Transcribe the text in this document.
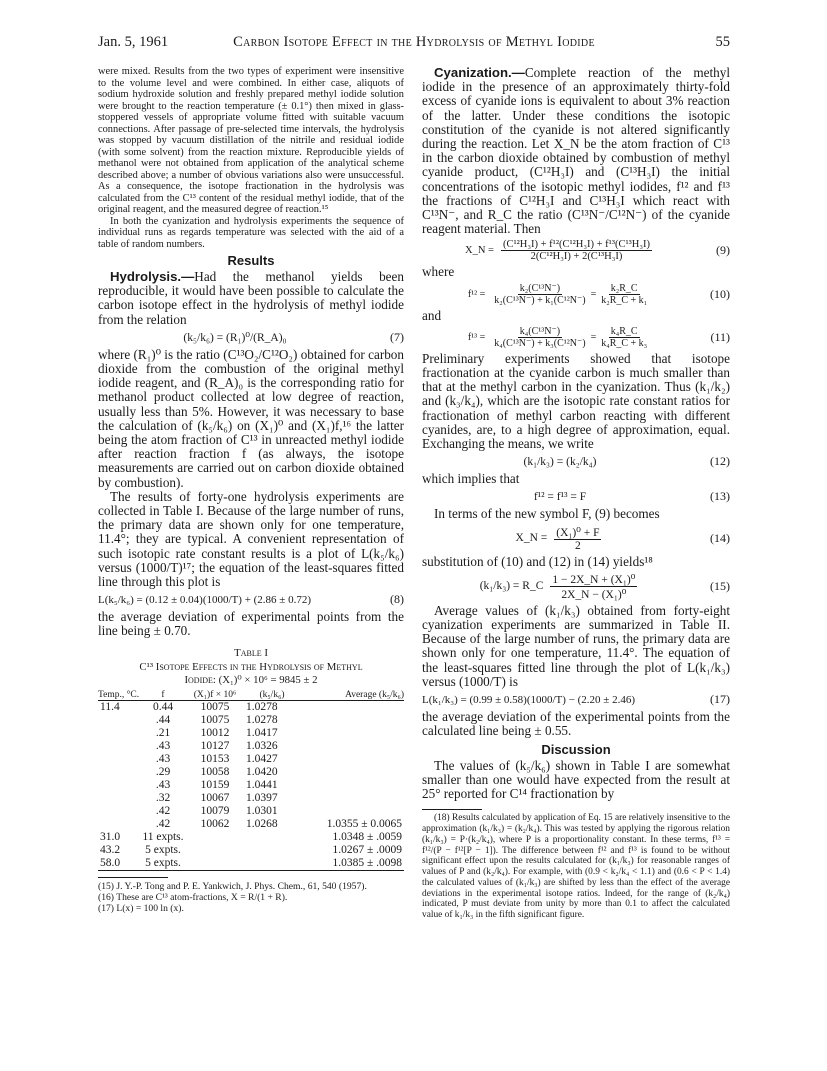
Jan. 5, 1961	Carbon Isotope Effect in the Hydrolysis of Methyl Iodide	55

were mixed. Results from the two types of experiment were insensitive to the volume level and were combined. In either case, aliquots of sodium hydroxide solution and freshly prepared methyl iodide solution were brought to the reaction temperature (± 0.1°) then mixed in glass-stoppered vessels of appropriate volume fitted with suitable vacuum connections. After passage of pre-selected time intervals, the hydrolysis was stopped by vacuum distillation of the nitrile and residual iodide (with some solvent) from the reaction mixture. Reproducible yields of methanol were not obtained from application of the analytical scheme described above; a number of obvious variations also were unsuccessful. As a consequence, the isotope fractionation in the hydrolysis was calculated from the C¹³ content of the residual methyl iodide, that of the original reagent, and the measured degree of reaction.¹⁵

In both the cyanization and hydrolysis experiments the sequence of individual runs as regards temperature was selected with the aid of a table of random numbers.

Results

Hydrolysis.—Had the methanol yields been reproducible, it would have been possible to calculate the carbon isotope effect in the hydrolysis of methyl iodide from the relation

(k₅/k₆) = (R₁)⁰/(R_A)₀	(7)

where (R₁)⁰ is the ratio (C¹³O₂/C¹²O₂) obtained for carbon dioxide from the combustion of the original methyl iodide reagent, and (R_A)₀ is the corresponding ratio for methanol product collected at low degree of reaction, usually less than 5%. However, it was necessary to base the calculation of (k₅/k₆) on (X₁)⁰ and (X₁)f,¹⁶ the latter being the atom fraction of C¹³ in unreacted methyl iodide after reaction fraction f (as always, the isotope measurements are carried out on carbon dioxide obtained by combustion).

The results of forty-one hydrolysis experiments are collected in Table I. Because of the large number of runs, the primary data are shown only for one temperature, 11.4°; they are typical. A convenient representation of such isotopic rate constant results is a plot of L(k₅/k₆) versus (1000/T)¹⁷; the equation of the least-squares fitted line through this plot is

L(k₅/k₆) = (0.12 ± 0.04)(1000/T) + (2.86 ± 0.72)	(8)

the average deviation of experimental points from the line being ± 0.70.

Table I
C¹³ Isotope Effects in the Hydrolysis of Methyl
Iodide: (X₁)⁰ × 10⁶ = 9845 ± 2
Temp., °C.	f	(X₁)f × 10⁶	(k₅/k₆)	Average (k₅/k₆)
11.4	0.44	10075	1.0278	
	.44	10075	1.0278	
	.21	10012	1.0417	
	.43	10127	1.0326	
	.43	10153	1.0427	
	.29	10058	1.0420	
	.43	10159	1.0441	
	.32	10067	1.0397	
	.42	10079	1.0301	
	.42	10062	1.0268	1.0355 ± 0.0065
31.0	11 expts.			1.0348 ± .0059
43.2	5 expts.			1.0267 ± .0009
58.0	5 expts.			1.0385 ± .0098

(15) J. Y.-P. Tong and P. E. Yankwich, J. Phys. Chem., 61, 540 (1957).

(16) These are C¹³ atom-fractions, X = R/(1 + R).

(17) L(x) = 100 ln (x).

Cyanization.—Complete reaction of the methyl iodide in the presence of an approximately thirty-fold excess of cyanide ions is equivalent to about 3% reaction of the latter. Under these conditions the isotopic constitution of the cyanide is not altered significantly during the reaction. Let X_N be the atom fraction of C¹³ in the carbon dioxide obtained by combustion of methyl cyanide product, (C¹²H₃I) and (C¹³H₃I) the initial concentrations of the isotopic methyl iodides, f¹² and f¹³ the fractions of C¹²H₃I and C¹³H₃I which react with C¹³N⁻, and R_C the ratio (C¹³N⁻/C¹²N⁻) of the cyanide reagent material. Then

X_N = $\frac{\text{(C¹²H₃I) + f¹²(C¹²H₃I) + f¹³(C¹³H₃I)}}{\text{2(C¹²H₃I) + 2(C¹³H₃I)}}$	(9)

where

$f^{12} = \frac{\text{k₂(C¹³N⁻)}}{\text{k₂(C¹³N⁻) + k₁(C¹²N⁻)}} = \frac{\text{k₂R\_C}}{\text{k₂R\_C + k₁}}$	(10)

and

$f^{13} = \frac{\text{k₄(C¹³N⁻)}}{\text{k₄(C¹³N⁻) + k₃(C¹²N⁻)}} = \frac{\text{k₄R\_C}}{\text{k₄R\_C + k₃}}$	(11)

Preliminary experiments showed that isotope fractionation at the cyanide carbon is much smaller than that at the methyl carbon in the cyanization. Thus (k₁/k₂) and (k₃/k₄), which are the isotopic rate constant ratios for fractionation of methyl carbon reacting with different cyanides, are, to a high degree of approximation, equal. Exchanging the means, we write

(k₁/k₃) = (k₂/k₄)	(12)

which implies that

f¹² = f¹³ = F	(13)

In terms of the new symbol F, (9) becomes

X_N = $\frac{\text{(X₁)⁰ + F}}{2}$	(14)

substitution of (10) and (12) in (14) yields¹⁸

(k₁/k₃) = R_C $\frac{\text{1 − 2X\_N + (X₁)⁰}}{\text{2X\_N − (X₁)⁰}}$	(15)

Average values of (k₁/k₃) obtained from forty-eight cyanization experiments are summarized in Table II. Because of the large number of runs, the primary data are shown only for one temperature, 11.4°. The equation of the least-squares fitted line through the plot of L(k₁/k₃) versus (1000/T) is

L(k₁/k₃) = (0.99 ± 0.58)(1000/T) − (2.20 ± 2.46)	(17)

the average deviation of the experimental points from the calculated line being ± 0.55.

Discussion

The values of (k₅/k₆) shown in Table I are somewhat smaller than one would have expected from the result at 25° reported for C¹⁴ fractionation by

(18) Results calculated by application of Eq. 15 are relatively insensitive to the approximation (k₁/k₃) = (k₂/k₄). This was tested by applying the rigorous relation (k₁/k₃) = P·(k₂/k₄), where P is a proportionality constant. In these terms, f¹³ = f¹²/(P − f¹²[P − 1]). The difference between f¹² and f¹³ is found to be without significant effect upon the results calculated for (k₁/k₃) for reasonable ranges of values of P and (k₂/k₄). For example, with (0.9 < k₂/k₄ < 1.1) and (0.6 < P < 1.4) the calculated values of (k₁/k₃) are shifted by less than the effect of the average deviations in the experimental isotope ratios. Indeed, for the range of (k₂/k₄) indicated, P must deviate from unity by more than 0.1 to affect the calculated value of k₁/k₃ in the fifth significant figure.
